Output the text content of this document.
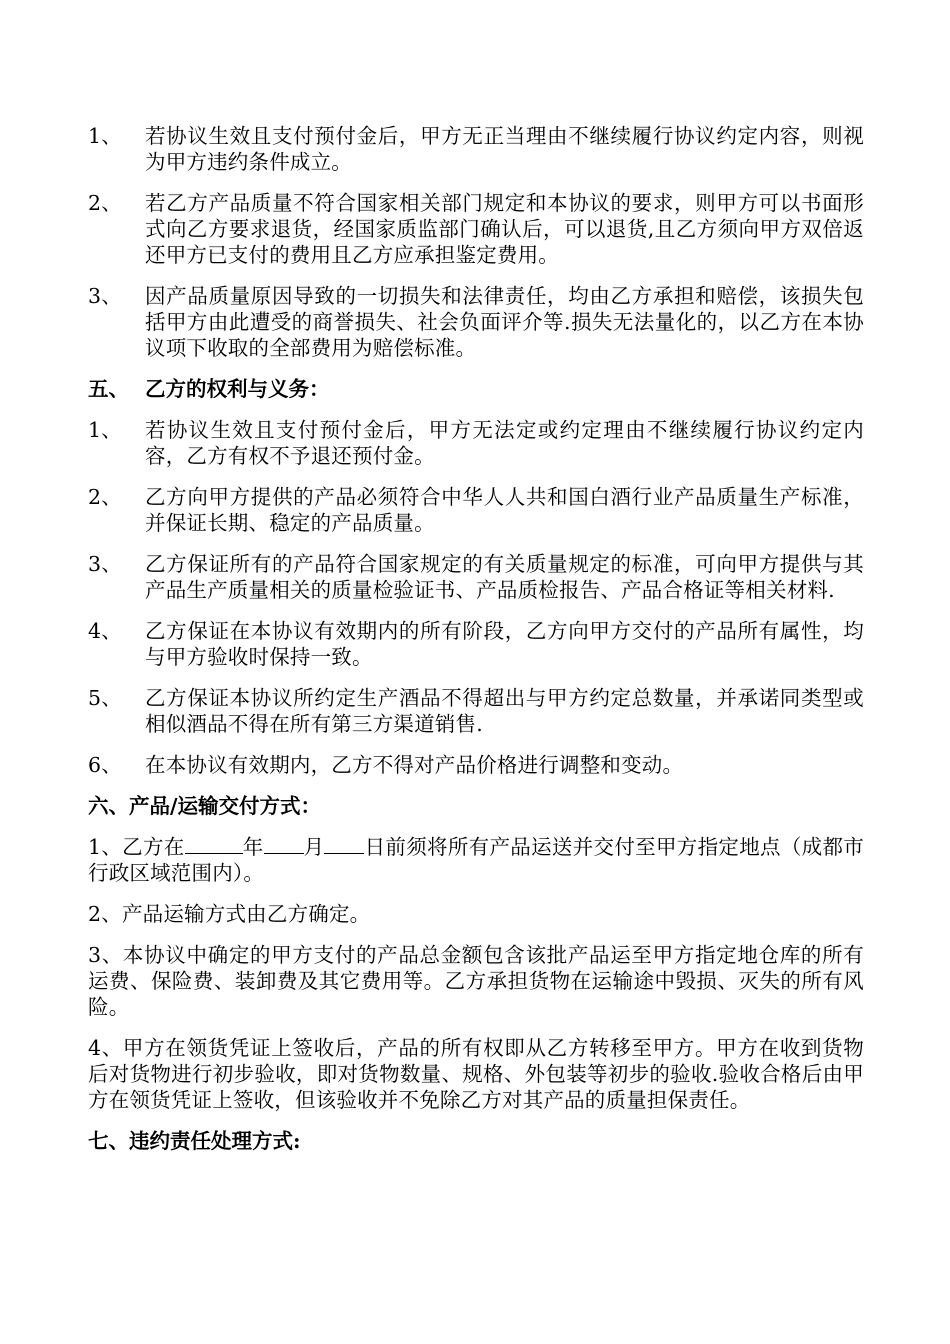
1、	若协议生效且支付预付金后，甲方无正当理由不继续履行协议约定内容，则视为甲方违约条件成立。
2、	若乙方产品质量不符合国家相关部门规定和本协议的要求，则甲方可以书面形式向乙方要求退货，经国家质监部门确认后，可以退货,且乙方须向甲方双倍返还甲方已支付的费用且乙方应承担鉴定费用。
3、	因产品质量原因导致的一切损失和法律责任，均由乙方承担和赔偿，该损失包括甲方由此遭受的商誉损失、社会负面评介等.损失无法量化的，以乙方在本协议项下收取的全部费用为赔偿标准。
五、 乙方的权利与义务：
1、	若协议生效且支付预付金后，甲方无法定或约定理由不继续履行协议约定内容，乙方有权不予退还预付金。
2、	乙方向甲方提供的产品必须符合中华人人共和国白酒行业产品质量生产标准，并保证长期、稳定的产品质量。
3、	乙方保证所有的产品符合国家规定的有关质量规定的标准，可向甲方提供与其产品生产质量相关的质量检验证书、产品质检报告、产品合格证等相关材料.
4、	乙方保证在本协议有效期内的所有阶段，乙方向甲方交付的产品所有属性，均与甲方验收时保持一致。
5、	乙方保证本协议所约定生产酒品不得超出与甲方约定总数量，并承诺同类型或相似酒品不得在所有第三方渠道销售.
6、	在本协议有效期内，乙方不得对产品价格进行调整和变动。
六、 产品/运输交付方式：
1、乙方在	年 月 日前须将所有产品运送并交付至甲方指定地点（成都市行政区域范围内）。
2、产品运输方式由乙方确定。
3、本协议中确定的甲方支付的产品总金额包含该批产品运至甲方指定地仓库的所有运费、保险费、装卸费及其它费用等。乙方承担货物在运输途中毁损、灭失的所有风险。
4、甲方在领货凭证上签收后，产品的所有权即从乙方转移至甲方。甲方在收到货物后对货物进行初步验收，即对货物数量、规格、外包装等初步的验收.验收合格后由甲方在领货凭证上签收，但该验收并不免除乙方对其产品的质量担保责任。
七、 违约责任处理方式:
